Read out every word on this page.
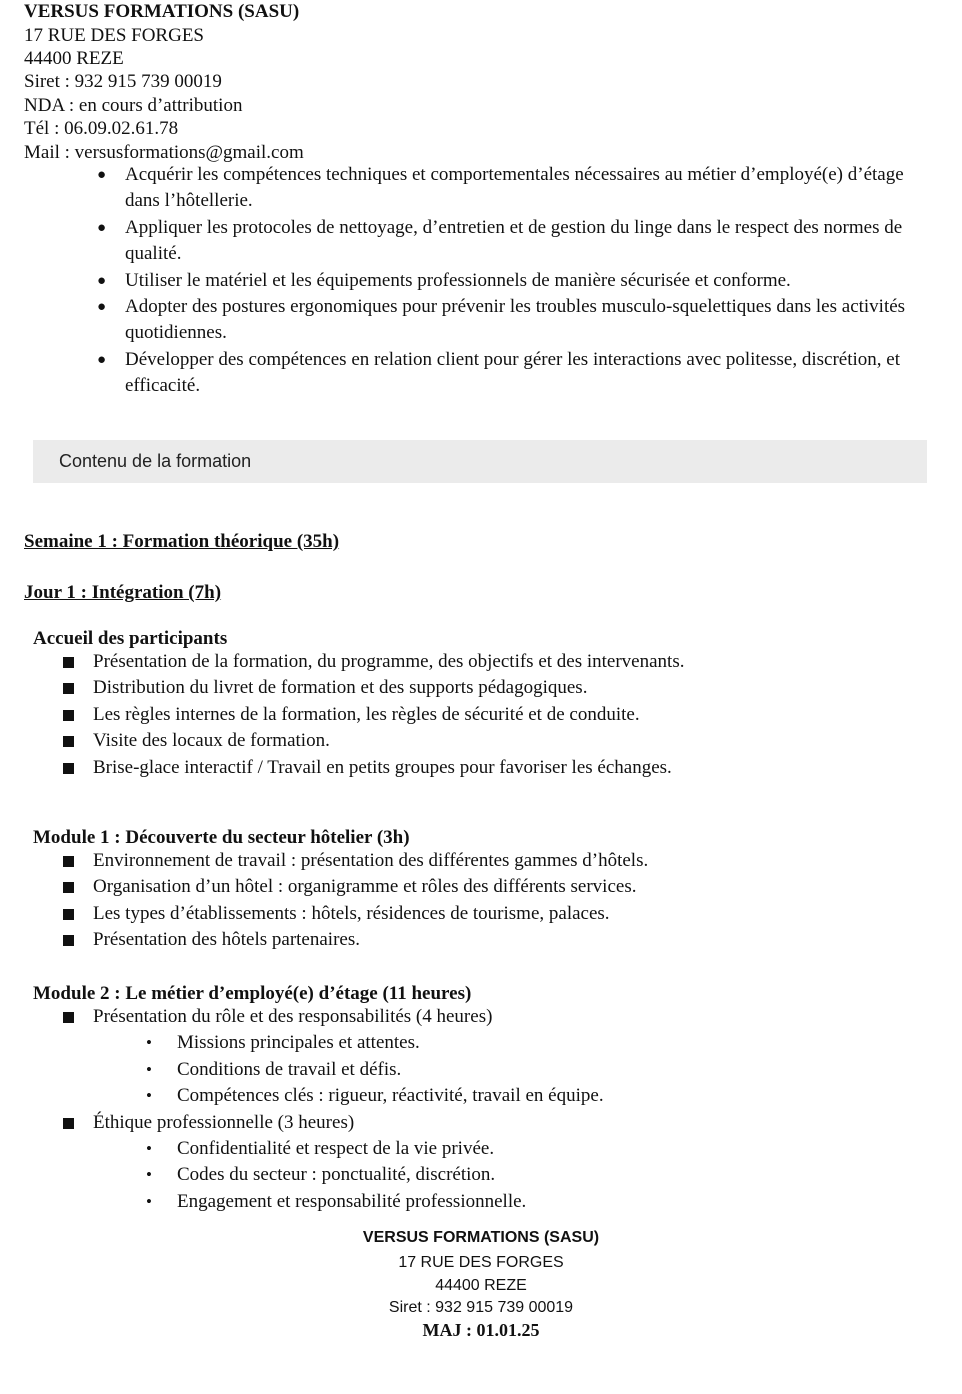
VERSUS FORMATIONS (SASU)
17 RUE DES FORGES
44400 REZE
Siret : 932 915 739 00019
NDA : en cours d’attribution
Tél : 06.09.02.61.78
Mail : versusformations@gmail.com
● Acquérir les compétences techniques et comportementales nécessaires au métier d’employé(e) d’étage dans l’hôtellerie.
● Appliquer les protocoles de nettoyage, d’entretien et de gestion du linge dans le respect des normes de qualité.
● Utiliser le matériel et les équipements professionnels de manière sécurisée et conforme.
● Adopter des postures ergonomiques pour prévenir les troubles musculo-squelettiques dans les activités quotidiennes.
● Développer des compétences en relation client pour gérer les interactions avec politesse, discrétion, et efficacité.
Contenu de la formation
Semaine 1 : Formation théorique (35h)
Jour 1 : Intégration (7h)
Accueil des participants
Présentation de la formation, du programme, des objectifs et des intervenants.
Distribution du livret de formation et des supports pédagogiques.
Les règles internes de la formation, les règles de sécurité et de conduite.
Visite des locaux de formation.
Brise-glace interactif / Travail en petits groupes pour favoriser les échanges.
Module 1 : Découverte du secteur hôtelier (3h)
Environnement de travail : présentation des différentes gammes d’hôtels.
Organisation d’un hôtel : organigramme et rôles des différents services.
Les types d’établissements : hôtels, résidences de tourisme, palaces.
Présentation des hôtels partenaires.
Module 2 : Le métier d’employé(e) d’étage (11 heures)
Présentation du rôle et des responsabilités (4 heures)
• Missions principales et attentes.
• Conditions de travail et défis.
• Compétences clés : rigueur, réactivité, travail en équipe.
Éthique professionnelle (3 heures)
• Confidentialité et respect de la vie privée.
• Codes du secteur : ponctualité, discrétion.
• Engagement et responsabilité professionnelle.
VERSUS FORMATIONS (SASU)
17 RUE DES FORGES
44400 REZE
Siret : 932 915 739 00019
MAJ : 01.01.25
